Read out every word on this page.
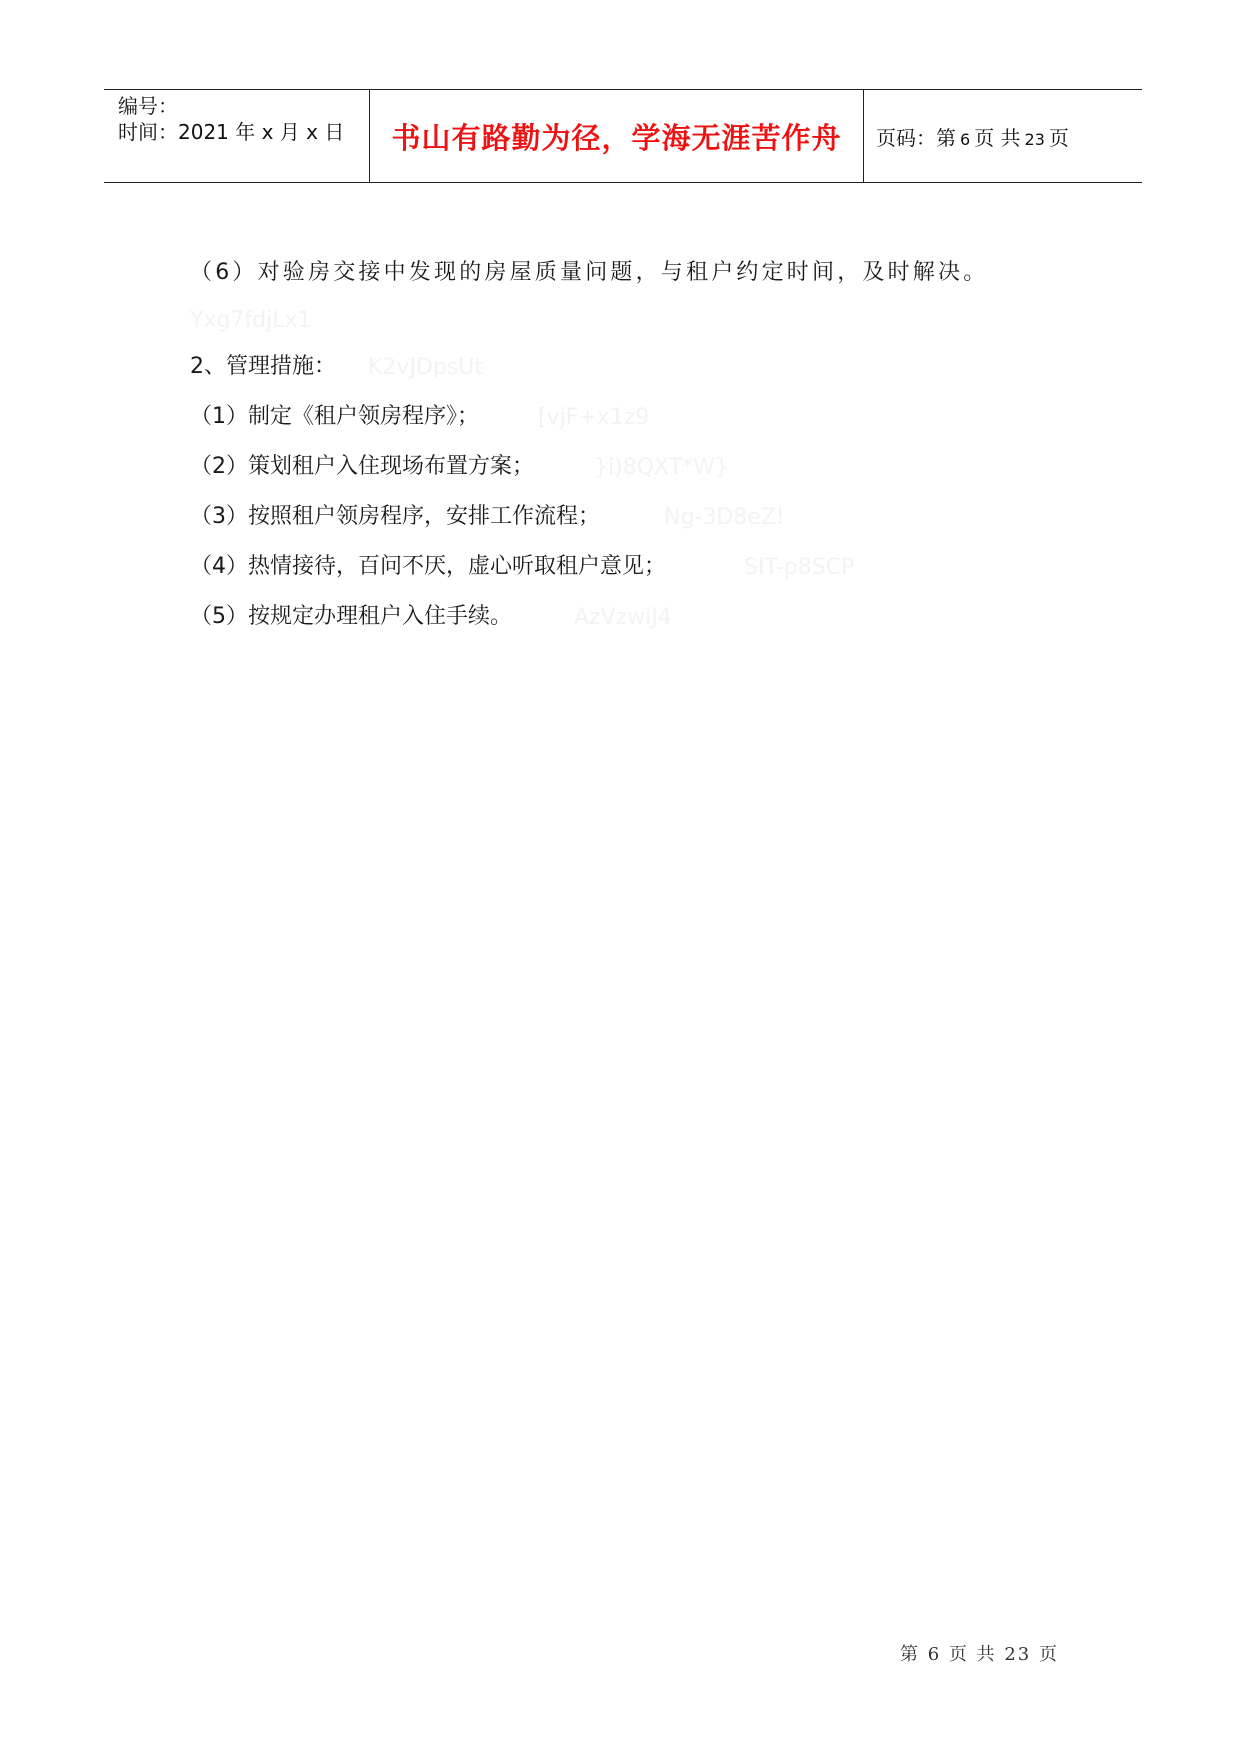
编号：
时间：2021 年 x 月 x 日 书山有路勤为径，学海无涯苦作舟 页码：第 6 页 共 23 页
（6）对验房交接中发现的房屋质量问题，与租户约定时间，及时解决。
Yxg7fdjLx1
2、管理措施： K2vJDpsUt
（1）制定《租户领房程序》；	[vjF+x1z9
（2）策划租户入住现场布置方案；	}i)8QXT*W}
（3）按照租户领房程序，安排工作流程；	Ng-3D8eZ!
（4）热情接待，百问不厌，虚心听取租户意见；	SIT-p8SCP
（5）按规定办理租户入住手续。	AzVzwiJ4
第 6 页 共 23 页
